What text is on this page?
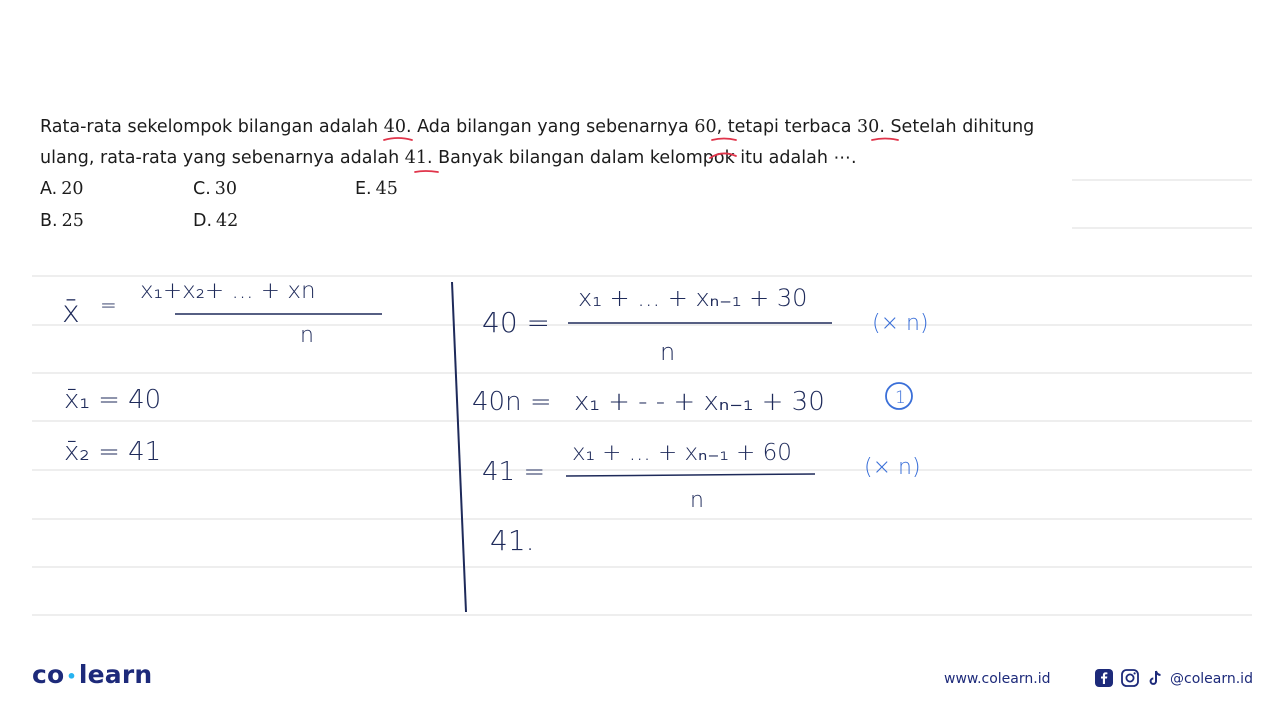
Rata-rata sekelompok bilangan adalah 40. Ada bilangan yang sebenarnya 60, tetapi terbaca 30. Setelah dihitung
ulang, rata-rata yang sebenarnya adalah 41. Banyak bilangan dalam kelompok itu adalah ⋯.
A. 20	C. 30	E. 45
B. 25	D. 42
x̄ =
x₁+x₂+ ... + xn
n
x̄₁ = 40
x̄₂ = 41
40 =
x₁ + ... + xₙ₋₁ + 30
n
(× n)
40n = x₁ + - - + xₙ₋₁ + 30	1
41 =
x₁ + ... + xₙ₋₁ + 60
n
(× n)
41.
co •learn	www.colearn.id	@colearn.id
